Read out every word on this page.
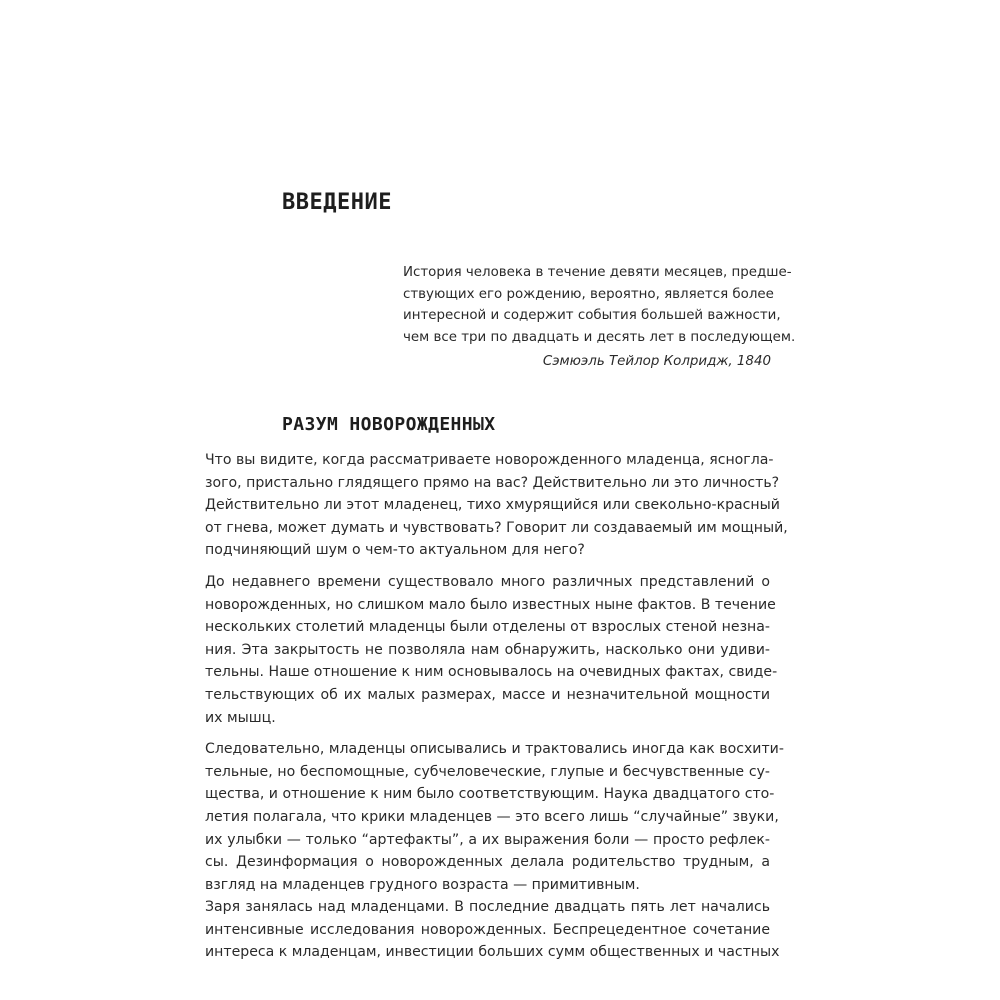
ВВЕДЕНИЕ
История человека в течение девяти месяцев, предше-
ствующих его рождению, вероятно, является более
интересной и содержит события большей важности,
чем все три по двадцать и десять лет в последующем.
Сэмюэль Тейлор Колридж, 1840
РАЗУМ НОВОРОЖДЕННЫХ
Что вы видите, когда рассматриваете новорожденного младенца, ясногла-
зого, пристально глядящего прямо на вас? Действительно ли это личность?
Действительно ли этот младенец, тихо хмурящийся или свекольно-красный
от гнева, может думать и чувствовать? Говорит ли создаваемый им мощный,
подчиняющий шум о чем-то актуальном для него?
До недавнего времени существовало много различных представлений о
новорожденных, но слишком мало было известных ныне фактов. В течение
нескольких столетий младенцы были отделены от взрослых стеной незна-
ния. Эта закрытость не позволяла нам обнаружить, насколько они удиви-
тельны. Наше отношение к ним основывалось на очевидных фактах, свиде-
тельствующих об их малых размерах, массе и незначительной мощности
их мышц.
Следовательно, младенцы описывались и трактовались иногда как восхити-
тельные, но беспомощные, субчеловеческие, глупые и бесчувственные су-
щества, и отношение к ним было соответствующим. Наука двадцатого сто-
летия полагала, что крики младенцев — это всего лишь “случайные” звуки,
их улыбки — только “артефакты”, а их выражения боли — просто рефлек-
сы. Дезинформация о новорожденных делала родительство трудным, а
взгляд на младенцев грудного возраста — примитивным.
Заря занялась над младенцами. В последние двадцать пять лет начались
интенсивные исследования новорожденных. Беспрецедентное сочетание
интереса к младенцам, инвестиции больших сумм общественных и частных
